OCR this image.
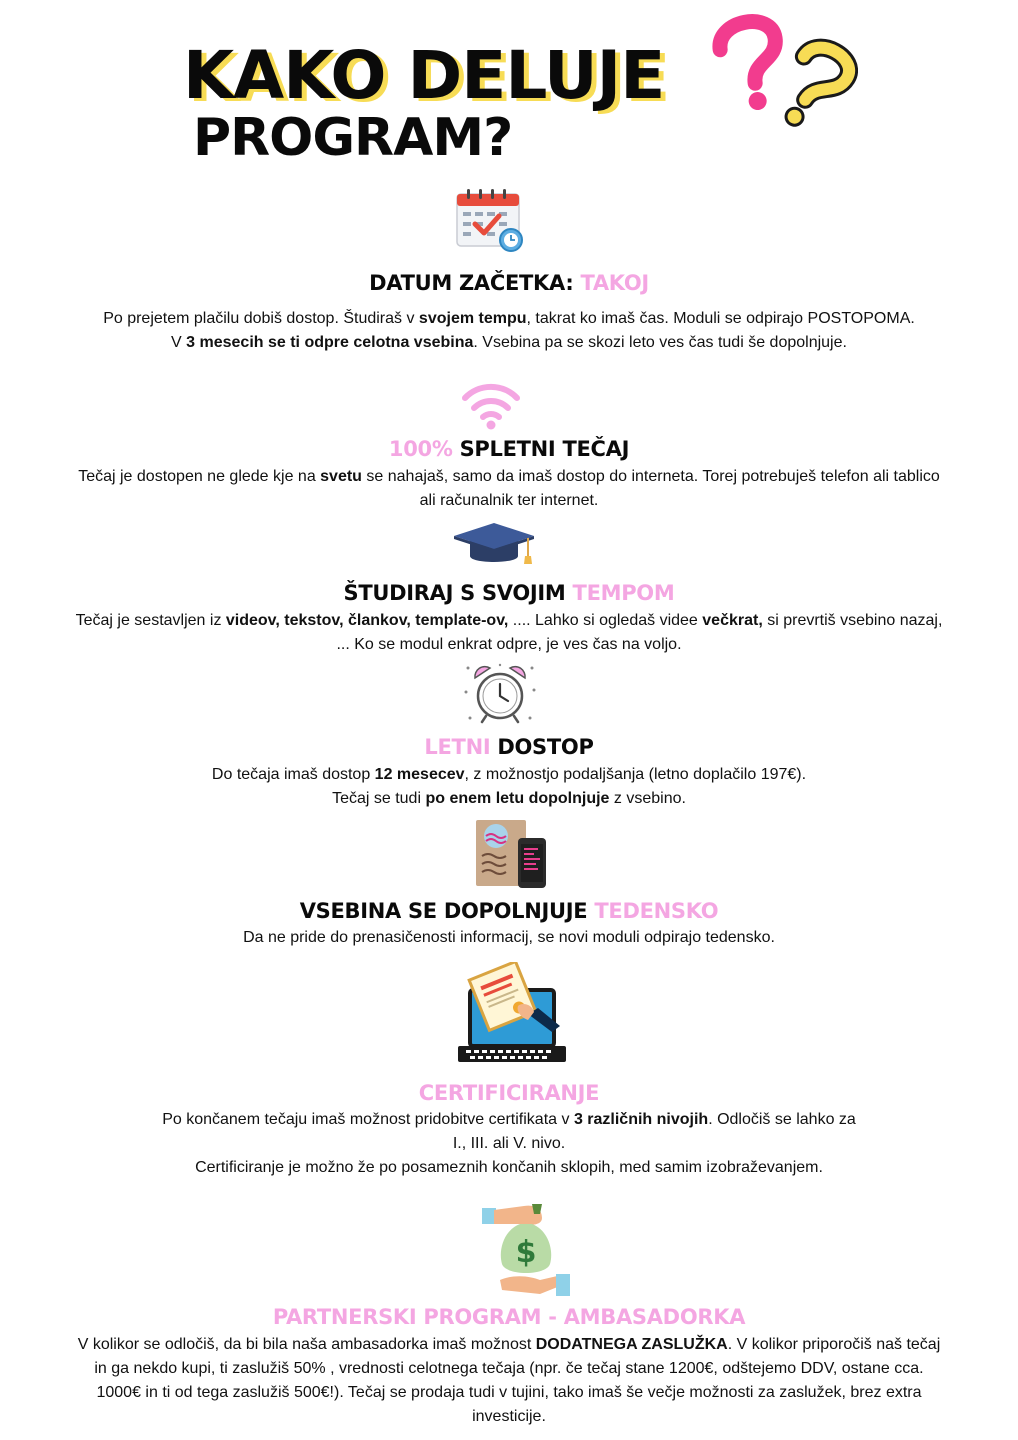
KAKO DELUJE
PROGRAM?
DATUM ZAČETKA: TAKOJ
Po prejetem plačilu dobiš dostop. Študiraš v svojem tempu, takrat ko imaš čas. Moduli se odpirajo POSTOPOMA.
V 3 mesecih se ti odpre celotna vsebina. Vsebina pa se skozi leto ves čas tudi še dopolnjuje.
100% SPLETNI TEČAJ
Tečaj je dostopen ne glede kje na svetu se nahajaš, samo da imaš dostop do interneta. Torej potrebuješ telefon ali tablico
ali računalnik ter internet.
ŠTUDIRAJ S SVOJIM TEMPOM
Tečaj je sestavljen iz videov, tekstov, člankov, template-ov, .... Lahko si ogledaš videe večkrat, si prevrtiš vsebino nazaj,
... Ko se modul enkrat odpre, je ves čas na voljo.
LETNI DOSTOP
Do tečaja imaš dostop 12 mesecev, z možnostjo podaljšanja (letno doplačilo 197€).
Tečaj se tudi po enem letu dopolnjuje z vsebino.
VSEBINA SE DOPOLNJUJE TEDENSKO
Da ne pride do prenasičenosti informacij, se novi moduli odpirajo tedensko.
CERTIFICIRANJE
Po končanem tečaju imaš možnost pridobitve certifikata v 3 različnih nivojih. Odločiš se lahko za
I., III. ali V. nivo.
Certificiranje je možno že po posameznih končanih sklopih, med samim izobraževanjem.
$
PARTNERSKI PROGRAM - AMBASADORKA
V kolikor se odločiš, da bi bila naša ambasadorka imaš možnost DODATNEGA ZASLUŽKA. V kolikor priporočiš naš tečaj
in ga nekdo kupi, ti zaslužiš 50% , vrednosti celotnega tečaja (npr. če tečaj stane 1200€, odštejemo DDV, ostane cca.
1000€ in ti od tega zaslužiš 500€!). Tečaj se prodaja tudi v tujini, tako imaš še večje možnosti za zaslužek, brez extra
investicije.
